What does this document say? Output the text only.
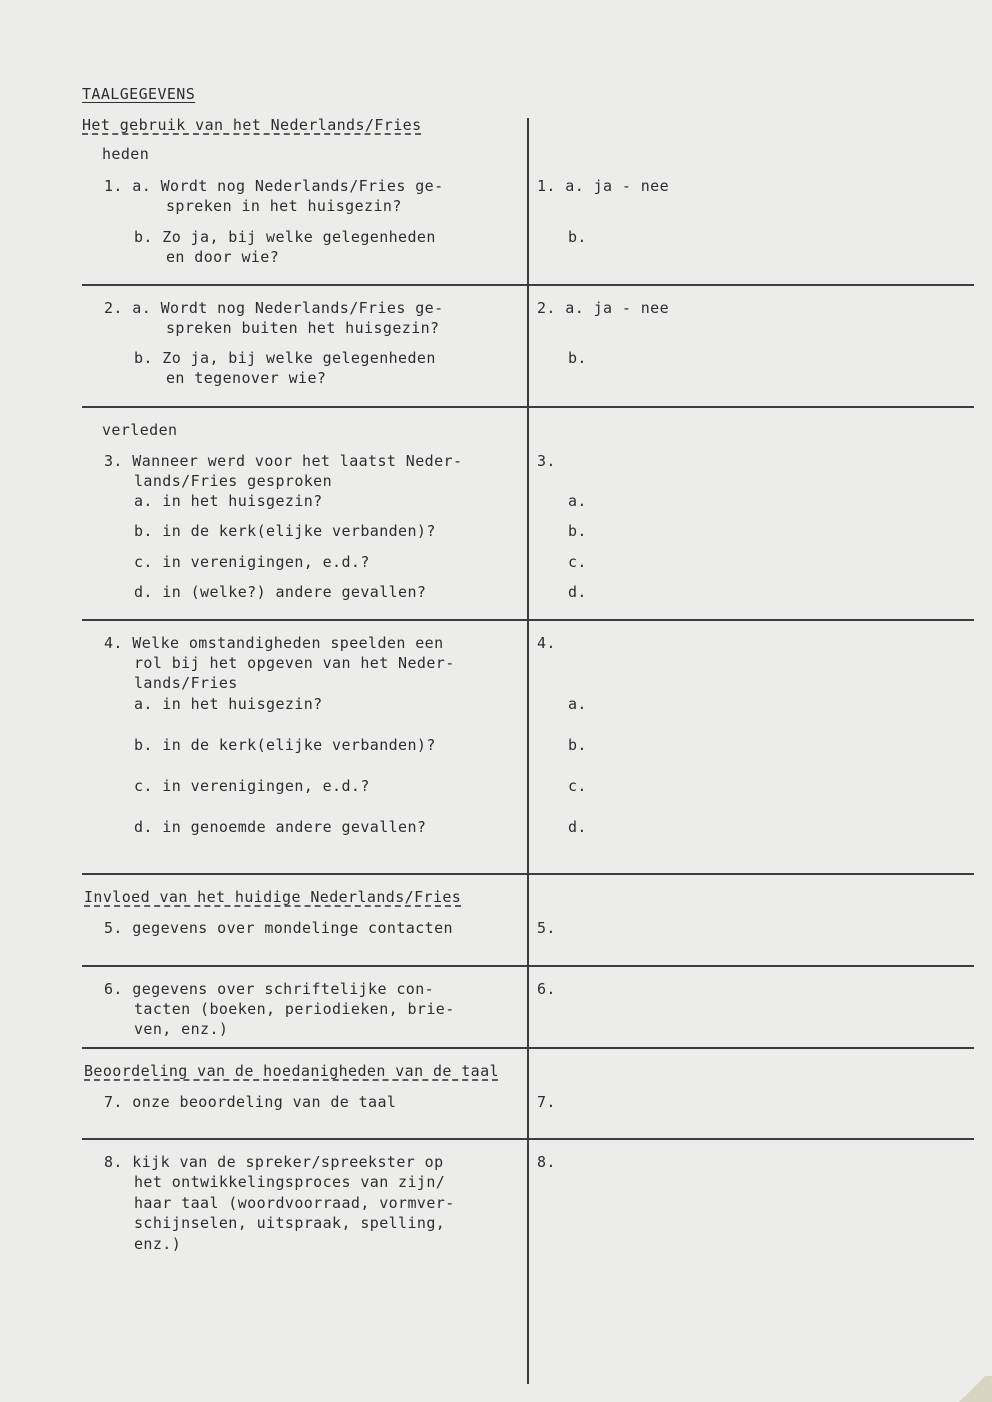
TAALGEGEVENS
Het gebruik van het Nederlands/Fries
heden
1. a. Wordt nog Nederlands/Fries ge-
spreken in het huisgezin?
b. Zo ja, bij welke gelegenheden
en door wie?
1. a. ja - nee
b.
2. a. Wordt nog Nederlands/Fries ge-
spreken buiten het huisgezin?
b. Zo ja, bij welke gelegenheden
en tegenover wie?
2. a. ja - nee
b.
verleden
3. Wanneer werd voor het laatst Neder-
lands/Fries gesproken
a. in het huisgezin?
b. in de kerk(elijke verbanden)?
c. in verenigingen, e.d.?
d. in (welke?) andere gevallen?
3.
a.
b.
c.
d.
4. Welke omstandigheden speelden een
rol bij het opgeven van het Neder-
lands/Fries
a. in het huisgezin?
b. in de kerk(elijke verbanden)?
c. in verenigingen, e.d.?
d. in genoemde andere gevallen?
4.
a.
b.
c.
d.
Invloed van het huidige Nederlands/Fries
5. gegevens over mondelinge contacten	5.
6. gegevens over schriftelijke con-
tacten (boeken, periodieken, brie-
ven, enz.)
6.
Beoordeling van de hoedanigheden van de taal
7. onze beoordeling van de taal	7.
8. kijk van de spreker/spreekster op
het ontwikkelingsproces van zijn/
haar taal (woordvoorraad, vormver-
schijnselen, uitspraak, spelling,
enz.)
8.
